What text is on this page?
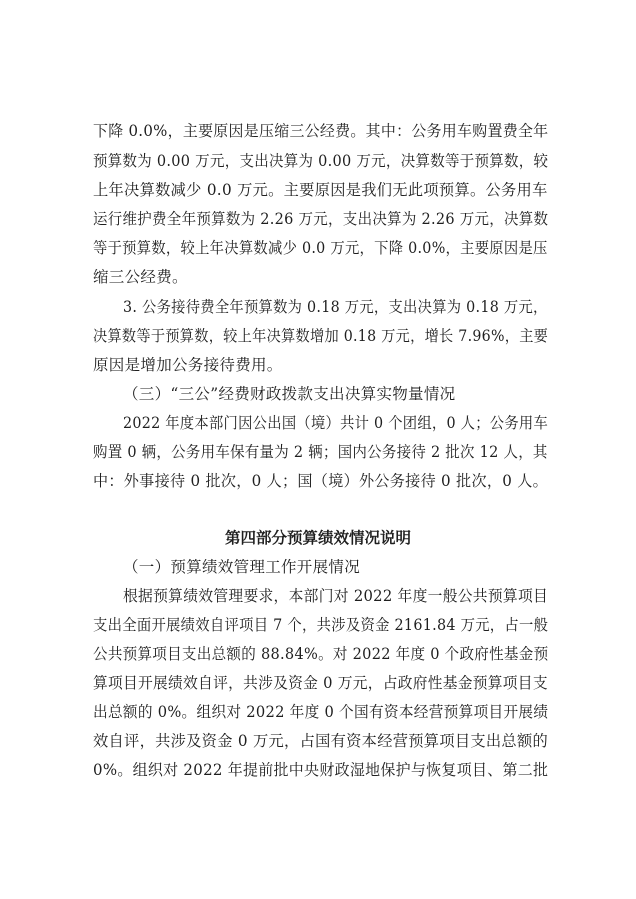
下降 0.0%，主要原因是压缩三公经费。其中：公务用车购置费全年
预算数为 0.00 万元，支出决算为 0.00 万元，决算数等于预算数，较
上年决算数减少 0.0 万元。主要原因是我们无此项预算。公务用车
运行维护费全年预算数为 2.26 万元，支出决算为 2.26 万元，决算数
等于预算数，较上年决算数减少 0.0 万元，下降 0.0%，主要原因是压
缩三公经费。
3. 公务接待费全年预算数为 0.18 万元，支出决算为 0.18 万元，
决算数等于预算数，较上年决算数增加 0.18 万元，增长 7.96%，主要
原因是增加公务接待费用。
（三）“三公”经费财政拨款支出决算实物量情况
2022 年度本部门因公出国（境）共计 0 个团组，0 人；公务用车
购置 0 辆，公务用车保有量为 2 辆；国内公务接待 2 批次 12 人，其
中：外事接待 0 批次，0 人；国（境）外公务接待 0 批次，0 人。
第四部分预算绩效情况说明
（一）预算绩效管理工作开展情况
根据预算绩效管理要求，本部门对 2022 年度一般公共预算项目
支出全面开展绩效自评项目 7 个，共涉及资金 2161.84 万元，占一般
公共预算项目支出总额的 88.84%。对 2022 年度 0 个政府性基金预
算项目开展绩效自评，共涉及资金 0 万元，占政府性基金预算项目支
出总额的 0%。组织对 2022 年度 0 个国有资本经营预算项目开展绩
效自评，共涉及资金 0 万元，占国有资本经营预算项目支出总额的
0%。组织对 2022 年提前批中央财政湿地保护与恢复项目、第二批
